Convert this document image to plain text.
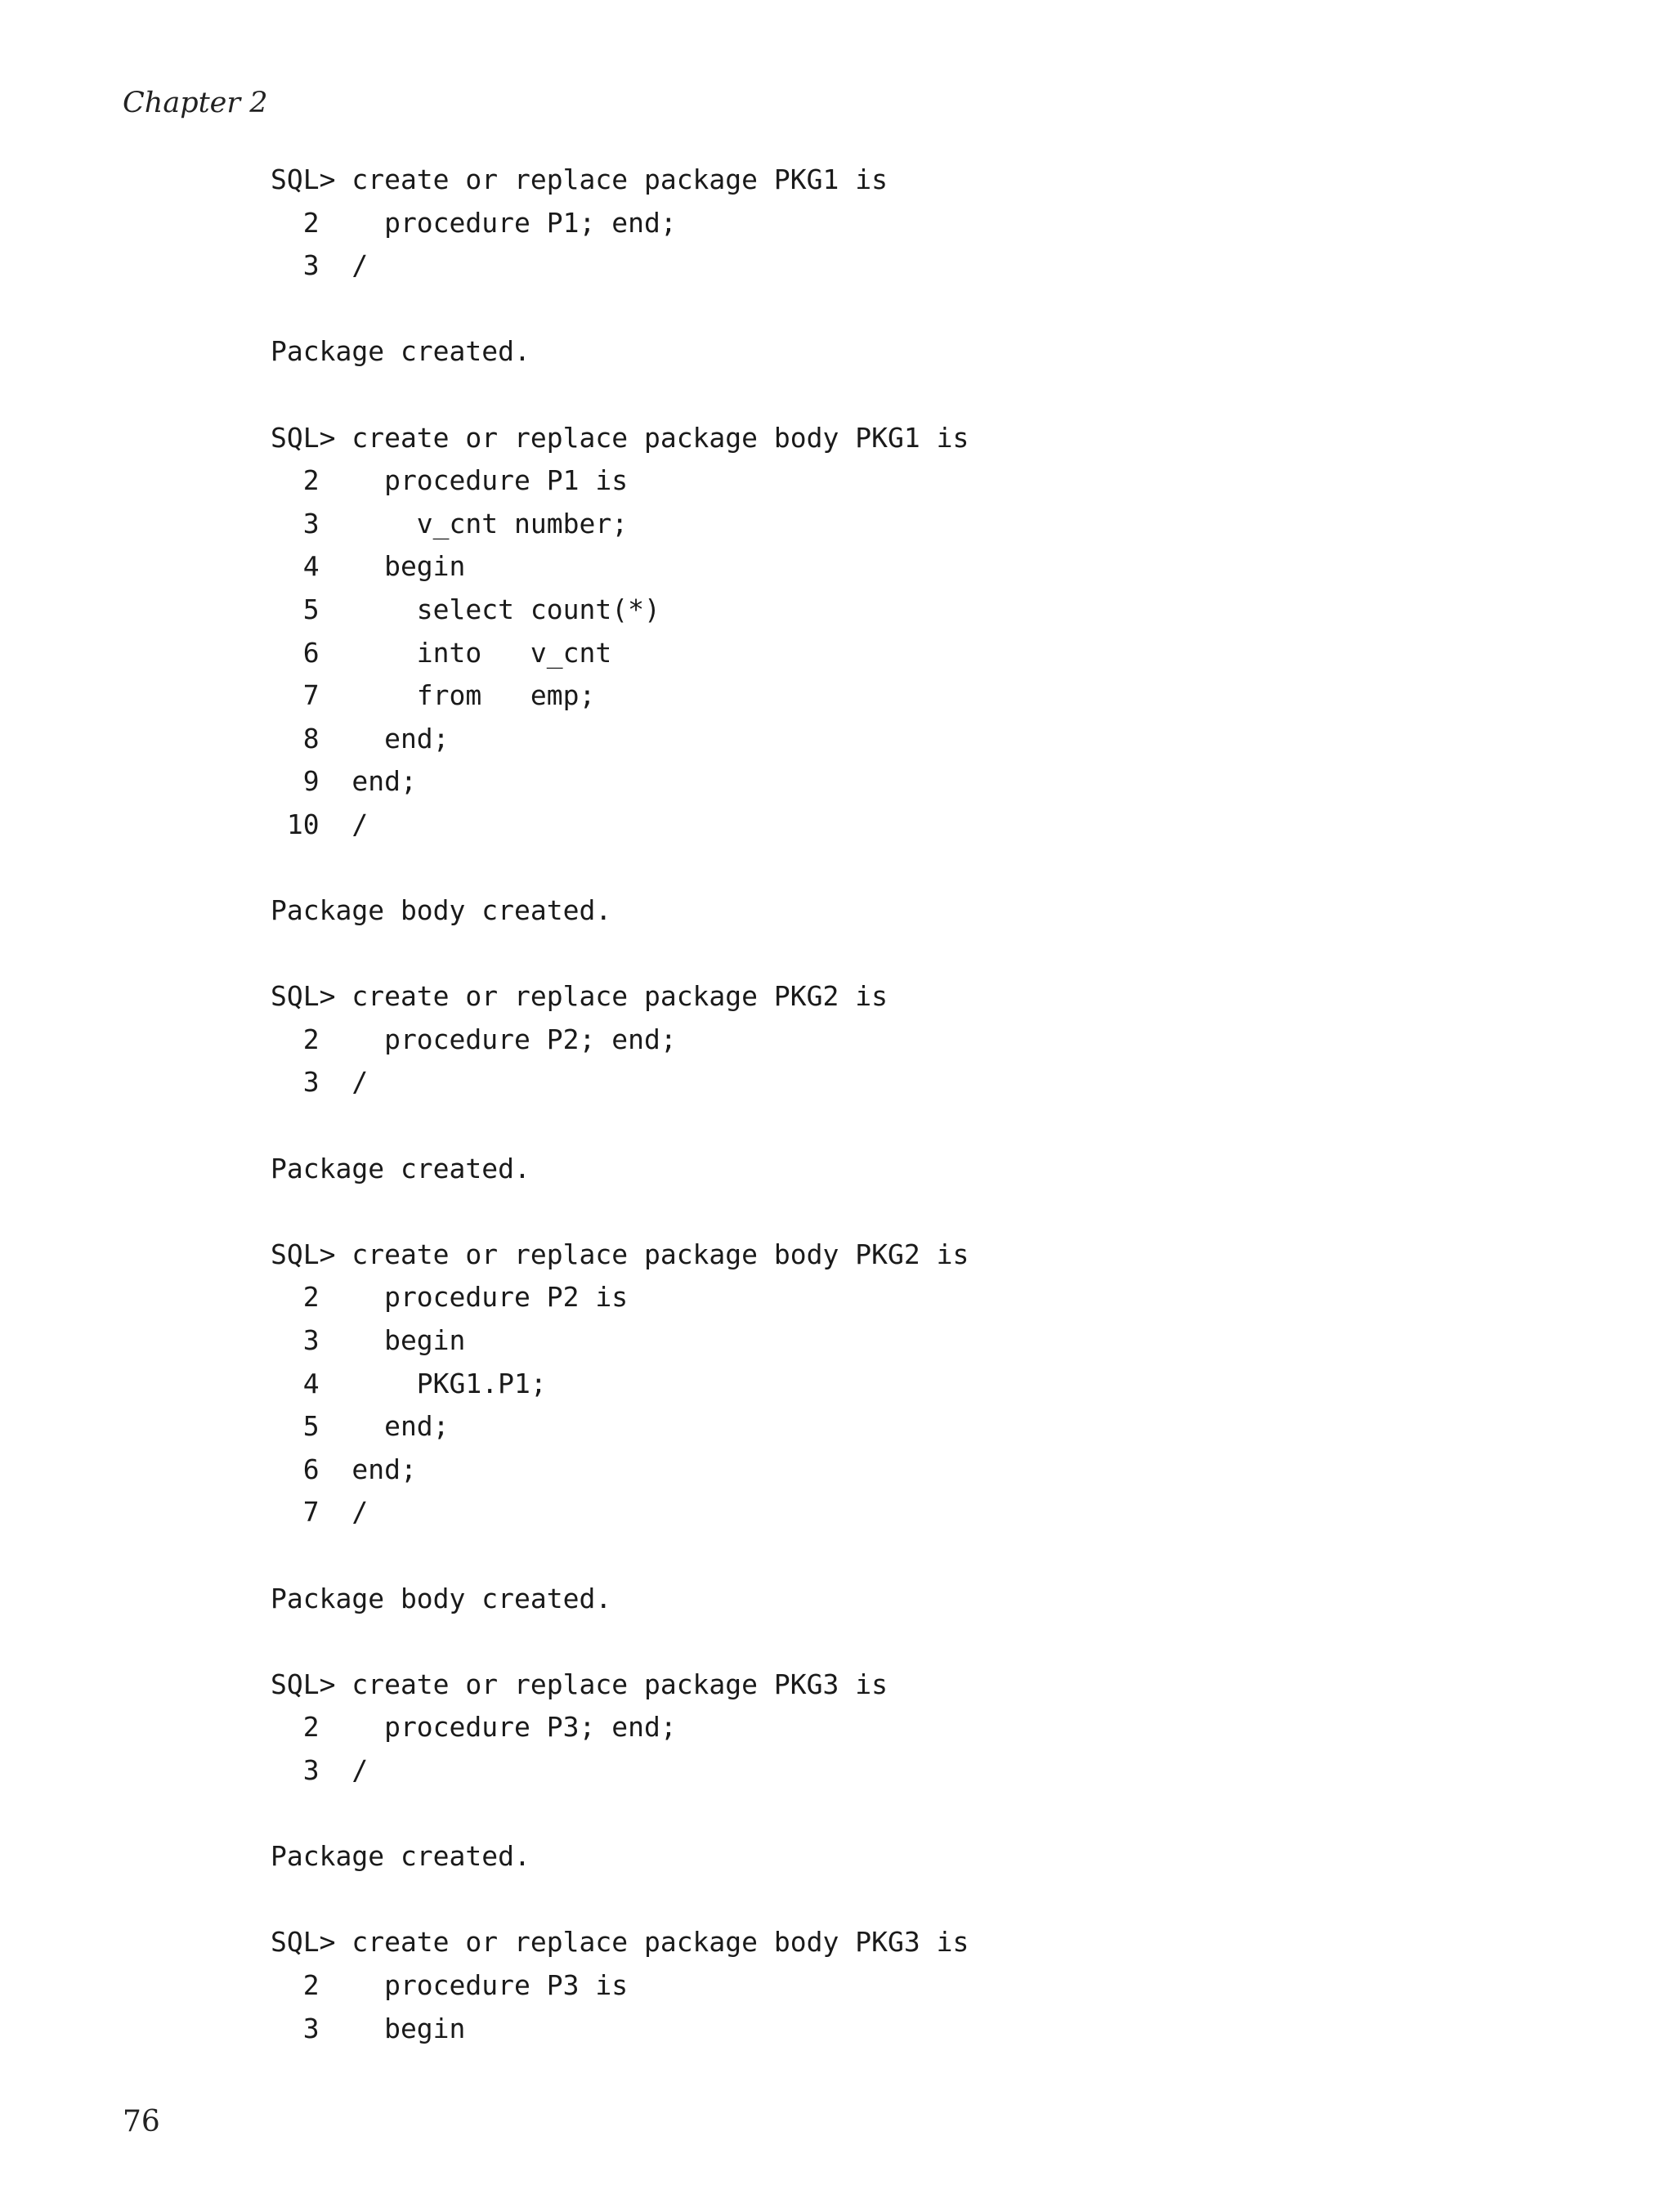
Chapter 2

SQL> create or replace package PKG1 is
2    procedure P1; end;
3  /
Package created.
SQL> create or replace package body PKG1 is
2    procedure P1 is
3      v_cnt number;
4    begin
5      select count(*)
6      into   v_cnt
7      from   emp;
8    end;
9  end;
10  /
Package body created.
SQL> create or replace package PKG2 is
2    procedure P2; end;
3  /
Package created.
SQL> create or replace package body PKG2 is
2    procedure P2 is
3    begin
4      PKG1.P1;
5    end;
6  end;
7  /
Package body created.
SQL> create or replace package PKG3 is
2    procedure P3; end;
3  /
Package created.
SQL> create or replace package body PKG3 is
2    procedure P3 is
3    begin

76
